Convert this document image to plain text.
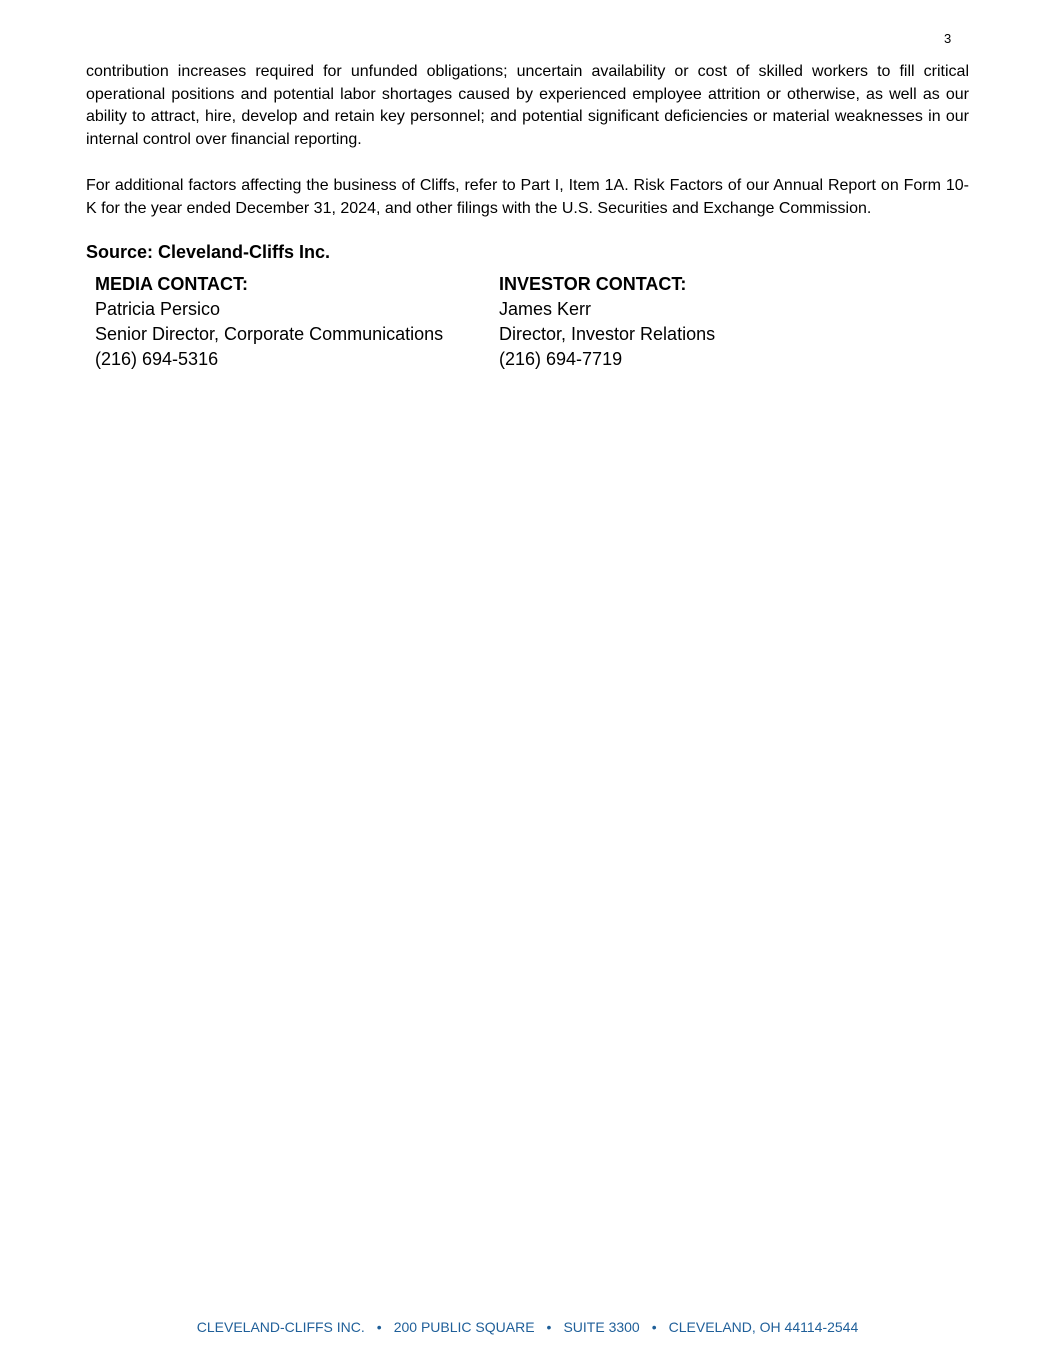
3

contribution increases required for unfunded obligations; uncertain availability or cost of skilled workers to fill critical operational positions and potential labor shortages caused by experienced employee attrition or otherwise, as well as our ability to attract, hire, develop and retain key personnel; and potential significant deficiencies or material weaknesses in our internal control over financial reporting.

For additional factors affecting the business of Cliffs, refer to Part I, Item 1A. Risk Factors of our Annual Report on Form 10-K for the year ended December 31, 2024, and other filings with the U.S. Securities and Exchange Commission.

Source: Cleveland-Cliffs Inc.

MEDIA CONTACT:
Patricia Persico
Senior Director, Corporate Communications
(216) 694-5316
INVESTOR CONTACT:
James Kerr
Director, Investor Relations
(216) 694-7719
CLEVELAND-CLIFFS INC. • 200 PUBLIC SQUARE • SUITE 3300 • CLEVELAND, OH 44114-2544
